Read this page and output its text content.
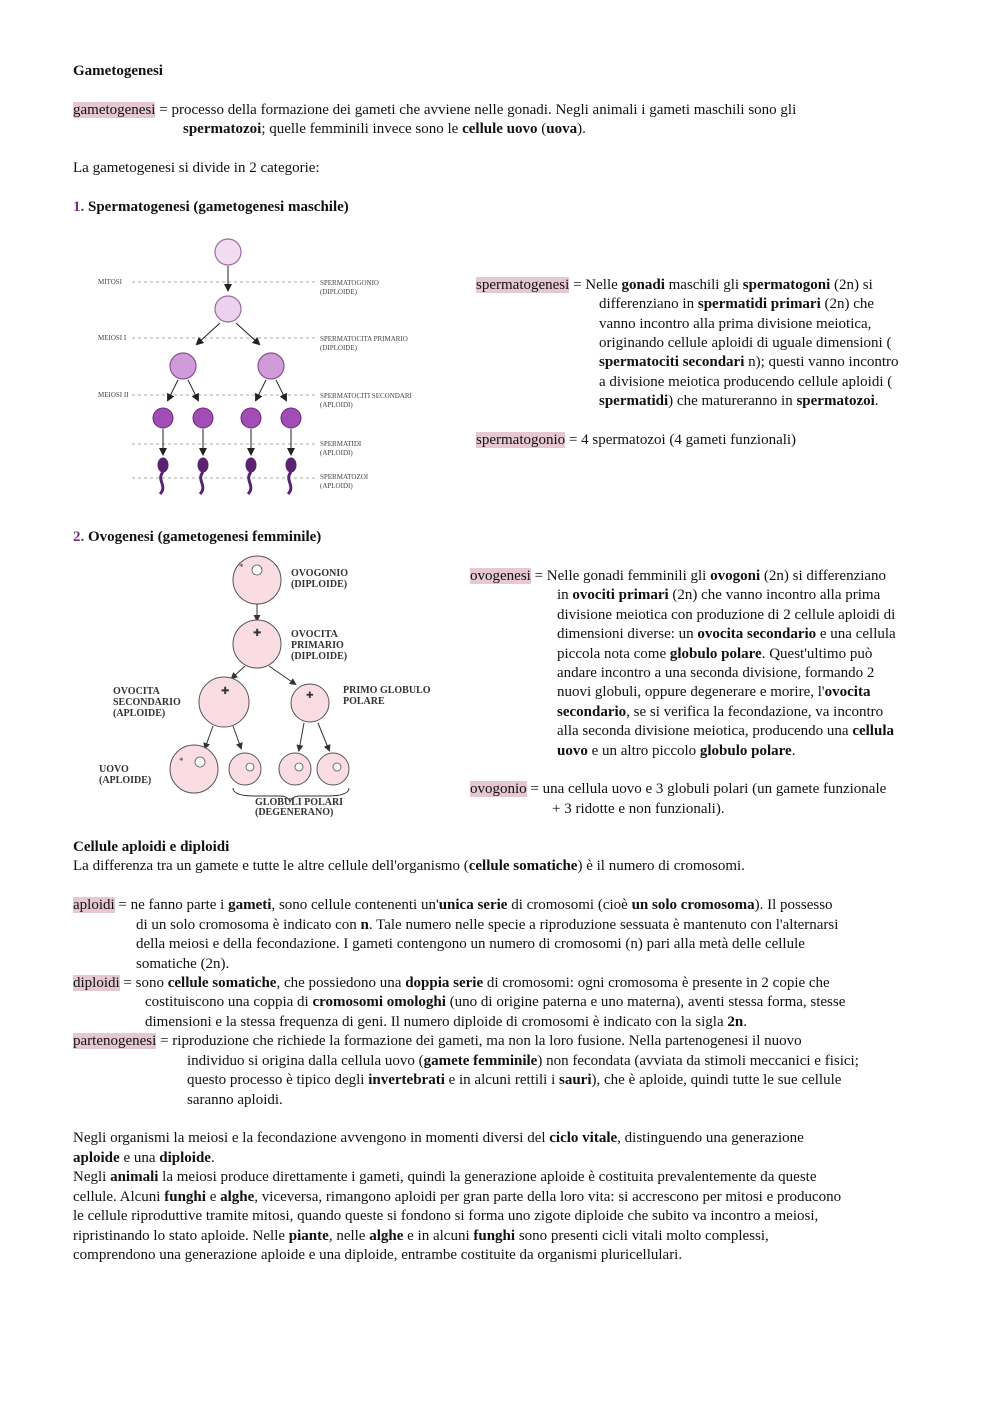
Gametogenesi
gametogenesi = processo della formazione dei gameti che avviene nelle gonadi. Negli animali i gameti maschili sono gli
spermatozoi; quelle femminili invece sono le cellule uovo (uova).
La gametogenesi si divide in 2 categorie:
1. Spermatogenesi (gametogenesi maschile)
MITOSI
MEIOSI I
MEIOSI II
SPERMATOGONIO
(DIPLOIDE)
SPERMATOCITA PRIMARIO
(DIPLOIDE)
SPERMATOCITI SECONDARI
(APLOIDI)
SPERMATIDI
(APLOIDI)
SPERMATOZOI
(APLOIDI)
spermatogenesi = Nelle gonadi maschili gli spermatogoni (2n) si
differenziano in spermatidi primari (2n) che
vanno incontro alla prima divisione meiotica,
originando cellule aploidi di uguale dimensioni (
spermatociti secondari n); questi vanno incontro
a divisione meiotica producendo cellule aploidi (
spermatidi) che matureranno in spermatozoi.
spermatogonio = 4 spermatozoi (4 gameti funzionali)
2. Ovogenesi (gametogenesi femminile)
*
✚
✚	✚
*
OVOGONIO
(DIPLOIDE)
OVOCITA
PRIMARIO
(DIPLOIDE)
OVOCITA
SECONDARIO
(APLOIDE)
PRIMO GLOBULO
POLARE
UOVO
(APLOIDE)
GLOBULI POLARI
(DEGENERANO)
ovogenesi = Nelle gonadi femminili gli ovogoni (2n) si differenziano
in ovociti primari (2n) che vanno incontro alla prima
divisione meiotica con produzione di 2 cellule aploidi di
dimensioni diverse: un ovocita secondario e una cellula
piccola nota come globulo polare. Quest'ultimo può
andare incontro a una seconda divisione, formando 2
nuovi globuli, oppure degenerare e morire, l'ovocita
secondario, se si verifica la fecondazione, va incontro
alla seconda divisione meiotica, producendo una cellula
uovo e un altro piccolo globulo polare.
ovogonio = una cellula uovo e 3 globuli polari (un gamete funzionale
+ 3 ridotte e non funzionali).
Cellule aploidi e diploidi
La differenza tra un gamete e tutte le altre cellule dell'organismo (cellule somatiche) è il numero di cromosomi.
aploidi = ne fanno parte i gameti, sono cellule contenenti un'unica serie di cromosomi (cioè un solo cromosoma). Il possesso
di un solo cromosoma è indicato con n. Tale numero nelle specie a riproduzione sessuata è mantenuto con l'alternarsi
della meiosi e della fecondazione. I gameti contengono un numero di cromosomi (n) pari alla metà delle cellule
somatiche (2n).
diploidi = sono cellule somatiche, che possiedono una doppia serie di cromosomi: ogni cromosoma è presente in 2 copie che
costituiscono una coppia di cromosomi omologhi (uno di origine paterna e uno materna), aventi stessa forma, stesse
dimensioni e la stessa frequenza di geni. Il numero diploide di cromosomi è indicato con la sigla 2n.
partenogenesi = riproduzione che richiede la formazione dei gameti, ma non la loro fusione. Nella partenogenesi il nuovo
individuo si origina dalla cellula uovo (gamete femminile) non fecondata (avviata da stimoli meccanici e fisici;
questo processo è tipico degli invertebrati e in alcuni rettili i sauri), che è aploide, quindi tutte le sue cellule
saranno aploidi.
Negli organismi la meiosi e la fecondazione avvengono in momenti diversi del ciclo vitale, distinguendo una generazione
aploide e una diploide.
Negli animali la meiosi produce direttamente i gameti, quindi la generazione aploide è costituita prevalentemente da queste
cellule. Alcuni funghi e alghe, viceversa, rimangono aploidi per gran parte della loro vita: si accrescono per mitosi e producono
le cellule riproduttive tramite mitosi, quando queste si fondono si forma uno zigote diploide che subito va incontro a meiosi,
ripristinando lo stato aploide. Nelle piante, nelle alghe e in alcuni funghi sono presenti cicli vitali molto complessi,
comprendono una generazione aploide e una diploide, entrambe costituite da organismi pluricellulari.
